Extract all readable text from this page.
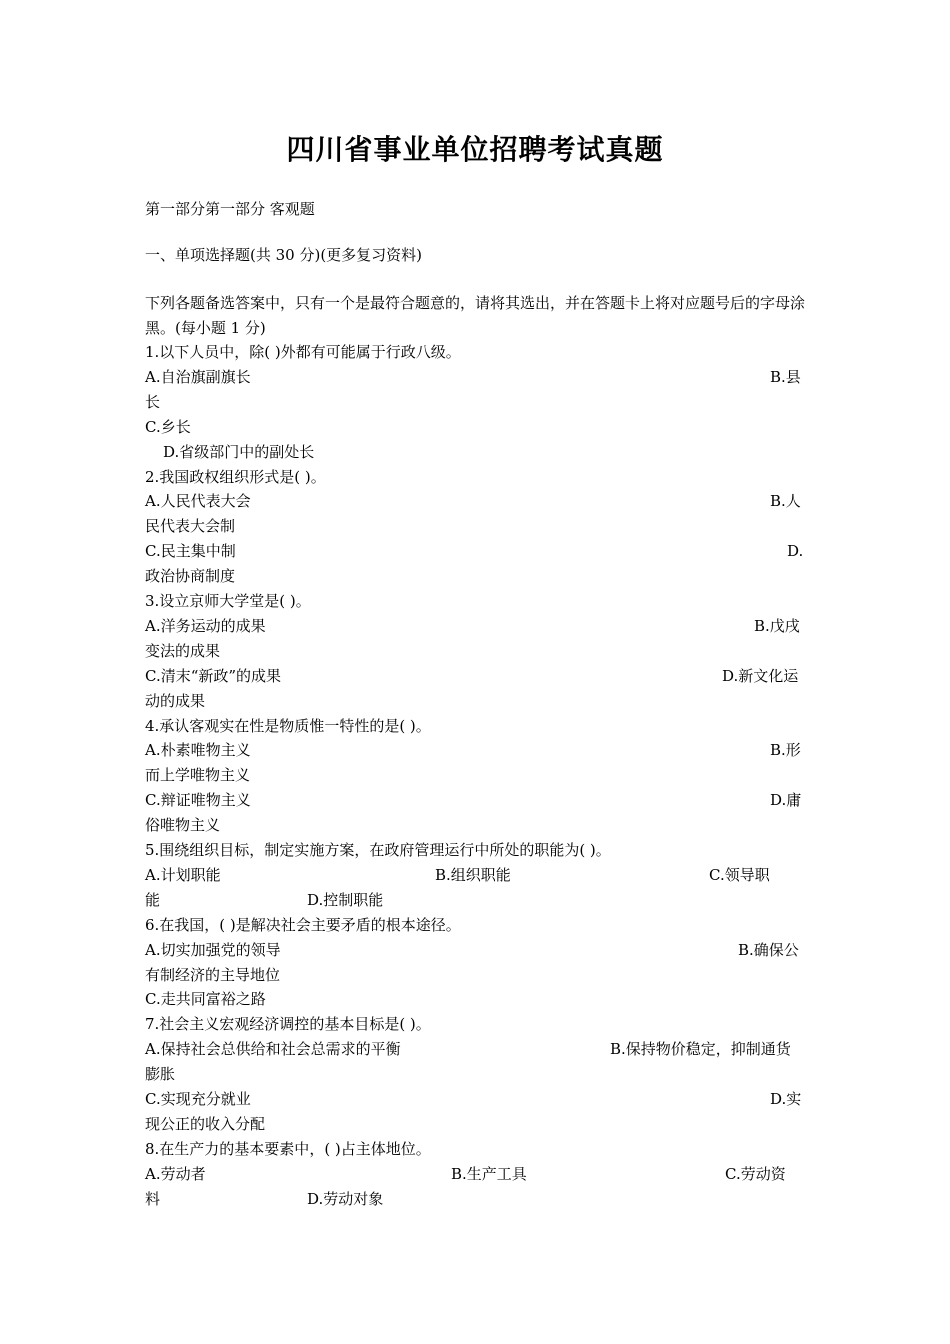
四川省事业单位招聘考试真题
第一部分第一部分 客观题
一、单项选择题(共 30 分)(更多复习资料)
下列各题备选答案中，只有一个是最符合题意的，请将其选出，并在答题卡上将对应题号后的字母涂黑。(每小题 1 分)
1.以下人员中，除( )外都有可能属于行政八级。
A.自治旗副旗长	B.县
长
C.乡长
D.省级部门中的副处长
2.我国政权组织形式是( )。
A.人民代表大会	B.人
民代表大会制
C.民主集中制	D.
政治协商制度
3.设立京师大学堂是( )。
A.洋务运动的成果	B.戊戌
变法的成果
C.清末“新政”的成果	D.新文化运
动的成果
4.承认客观实在性是物质惟一特性的是( )。
A.朴素唯物主义	B.形
而上学唯物主义
C.辩证唯物主义	D.庸
俗唯物主义
5.围绕组织目标，制定实施方案，在政府管理运行中所处的职能为( )。
A.计划职能	B.组织职能	C.领导职
能	D.控制职能
6.在我国，( )是解决社会主要矛盾的根本途径。
A.切实加强党的领导	B.确保公
有制经济的主导地位
C.走共同富裕之路
7.社会主义宏观经济调控的基本目标是( )。
A.保持社会总供给和社会总需求的平衡	B.保持物价稳定，抑制通货
膨胀
C.实现充分就业	D.实
现公正的收入分配
8.在生产力的基本要素中，( )占主体地位。
A.劳动者	B.生产工具	C.劳动资
料	D.劳动对象
